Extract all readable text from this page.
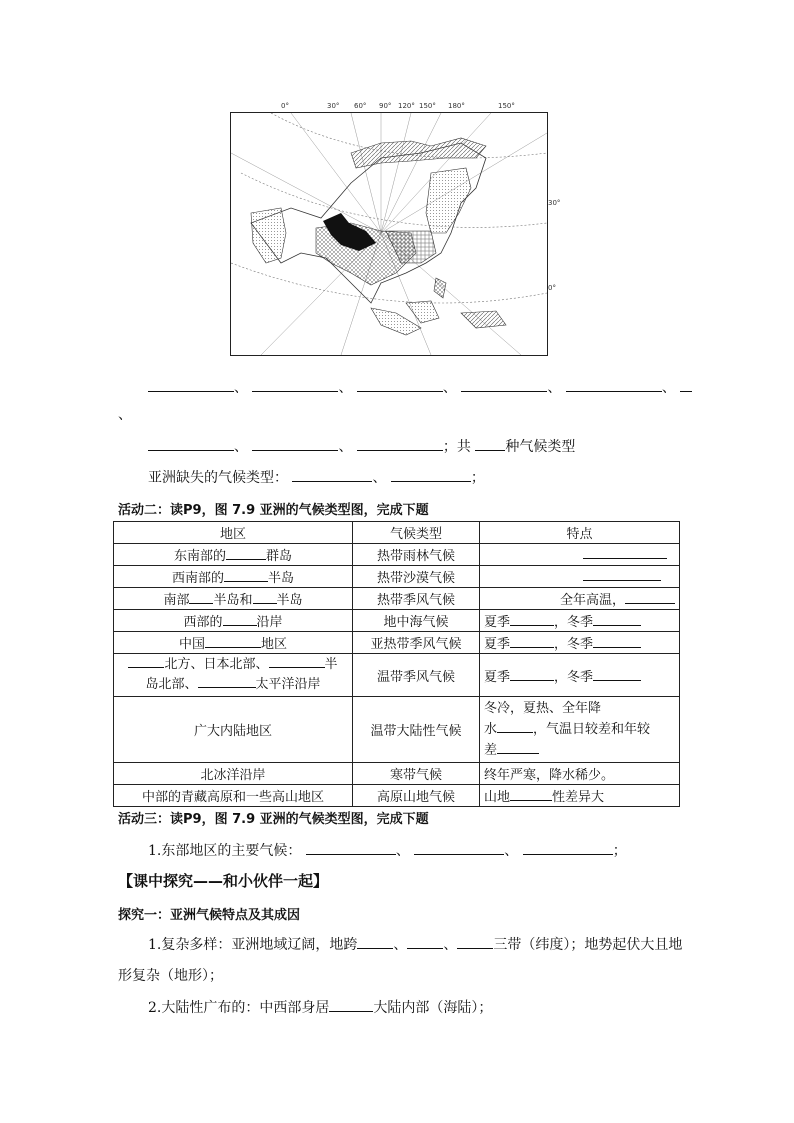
0°	30° 60° 90° 120° 150° 180°	150°
30°
0°
、	、	、	、	、
、
、	、	；共 种气候类型
亚洲缺失的气候类型：	、	；
活动二：读P9，图 7.9 亚洲的气候类型图，完成下题
地区	气候类型	特点
东南部的 群岛	热带雨林气候	
西南部的 半岛	热带沙漠气候	
南部 半岛和 半岛	热带季风气候	全年高温，
西部的 沿岸	地中海气候	夏季 ，冬季
中国 地区	亚热带季风气候	夏季 ，冬季
北方、日本北部、 半
岛北部、 太平洋沿岸	温带季风气候	夏季 ，冬季
广大内陆地区	温带大陆性气候	冬冷，夏热、全年降
水 ，气温日较差和年较
差
北冰洋沿岸	寒带气候	终年严寒，降水稀少。
中部的青藏高原和一些高山地区	高原山地气候	山地 性差异大
活动三：读P9，图 7.9 亚洲的气候类型图，完成下题
1.东部地区的主要气候：	、	、	；
【课中探究——和小伙伴一起】
探究一：亚洲气候特点及其成因
1.复杂多样：亚洲地域辽阔，地跨	、	、	三带（纬度）；地势起伏大且地
形复杂（地形）；
2.大陆性广布的：中西部身居	大陆内部（海陆）；
